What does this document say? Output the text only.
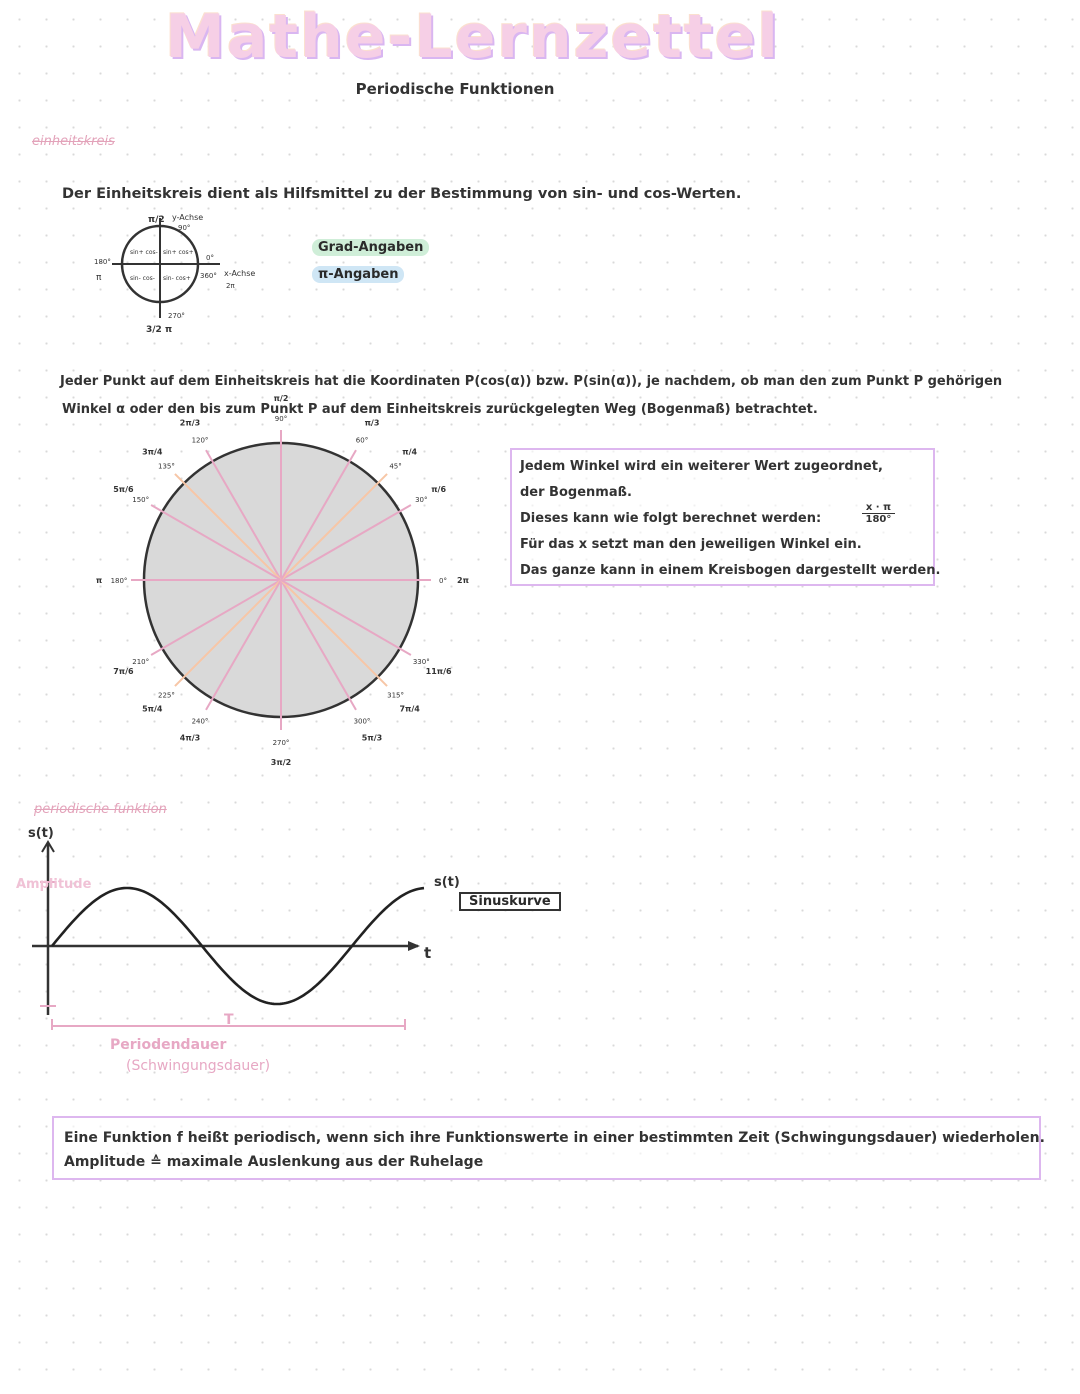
Mathe-Lernzettel
Periodische Funktionen
einheitskreis
Der Einheitskreis dient als Hilfsmittel zu der Bestimmung von sin- und cos-Werten.
π/2 y-Achse
90°
180°
π
0°
360° x-Achse
2π
270°
3/2 π
sin+ cos- sin+ cos+
sin- cos- sin- cos+
Grad-Angaben
π-Angaben
Jeder Punkt auf dem Einheitskreis hat die Koordinaten P(cos(α)) bzw. P(sin(α)), je nachdem, ob man den zum Punkt P gehörigen
Winkel α oder den bis zum Punkt P auf dem Einheitskreis zurückgelegten Weg (Bogenmaß) betrachtet.
0° 2π
30°
π/6
45°
π/4
60°
π/3
90°
π/2
120°
2π/3
135°
3π/4
150°
5π/6
180°
π
210°
7π/6
225°
5π/4
240°
4π/3
270°
3π/2
300°
5π/3
315°
7π/4
330°
11π/6
Jedem Winkel wird ein weiterer Wert zugeordnet,
der Bogenmaß.
Dieses kann wie folgt berechnet werden:
Für das x setzt man den jeweiligen Winkel ein.
Das ganze kann in einem Kreisbogen dargestellt werden.
$\frac{x \cdot \pi}{180^\circ}$
periodische funktion
s(t)
Amplitude
T
s(t)
t
Sinuskurve
Periodendauer
(Schwingungsdauer)
Eine Funktion f heißt periodisch, wenn sich ihre Funktionswerte in einer bestimmten Zeit (Schwingungsdauer) wiederholen.
Amplitude ≙ maximale Auslenkung aus der Ruhelage
